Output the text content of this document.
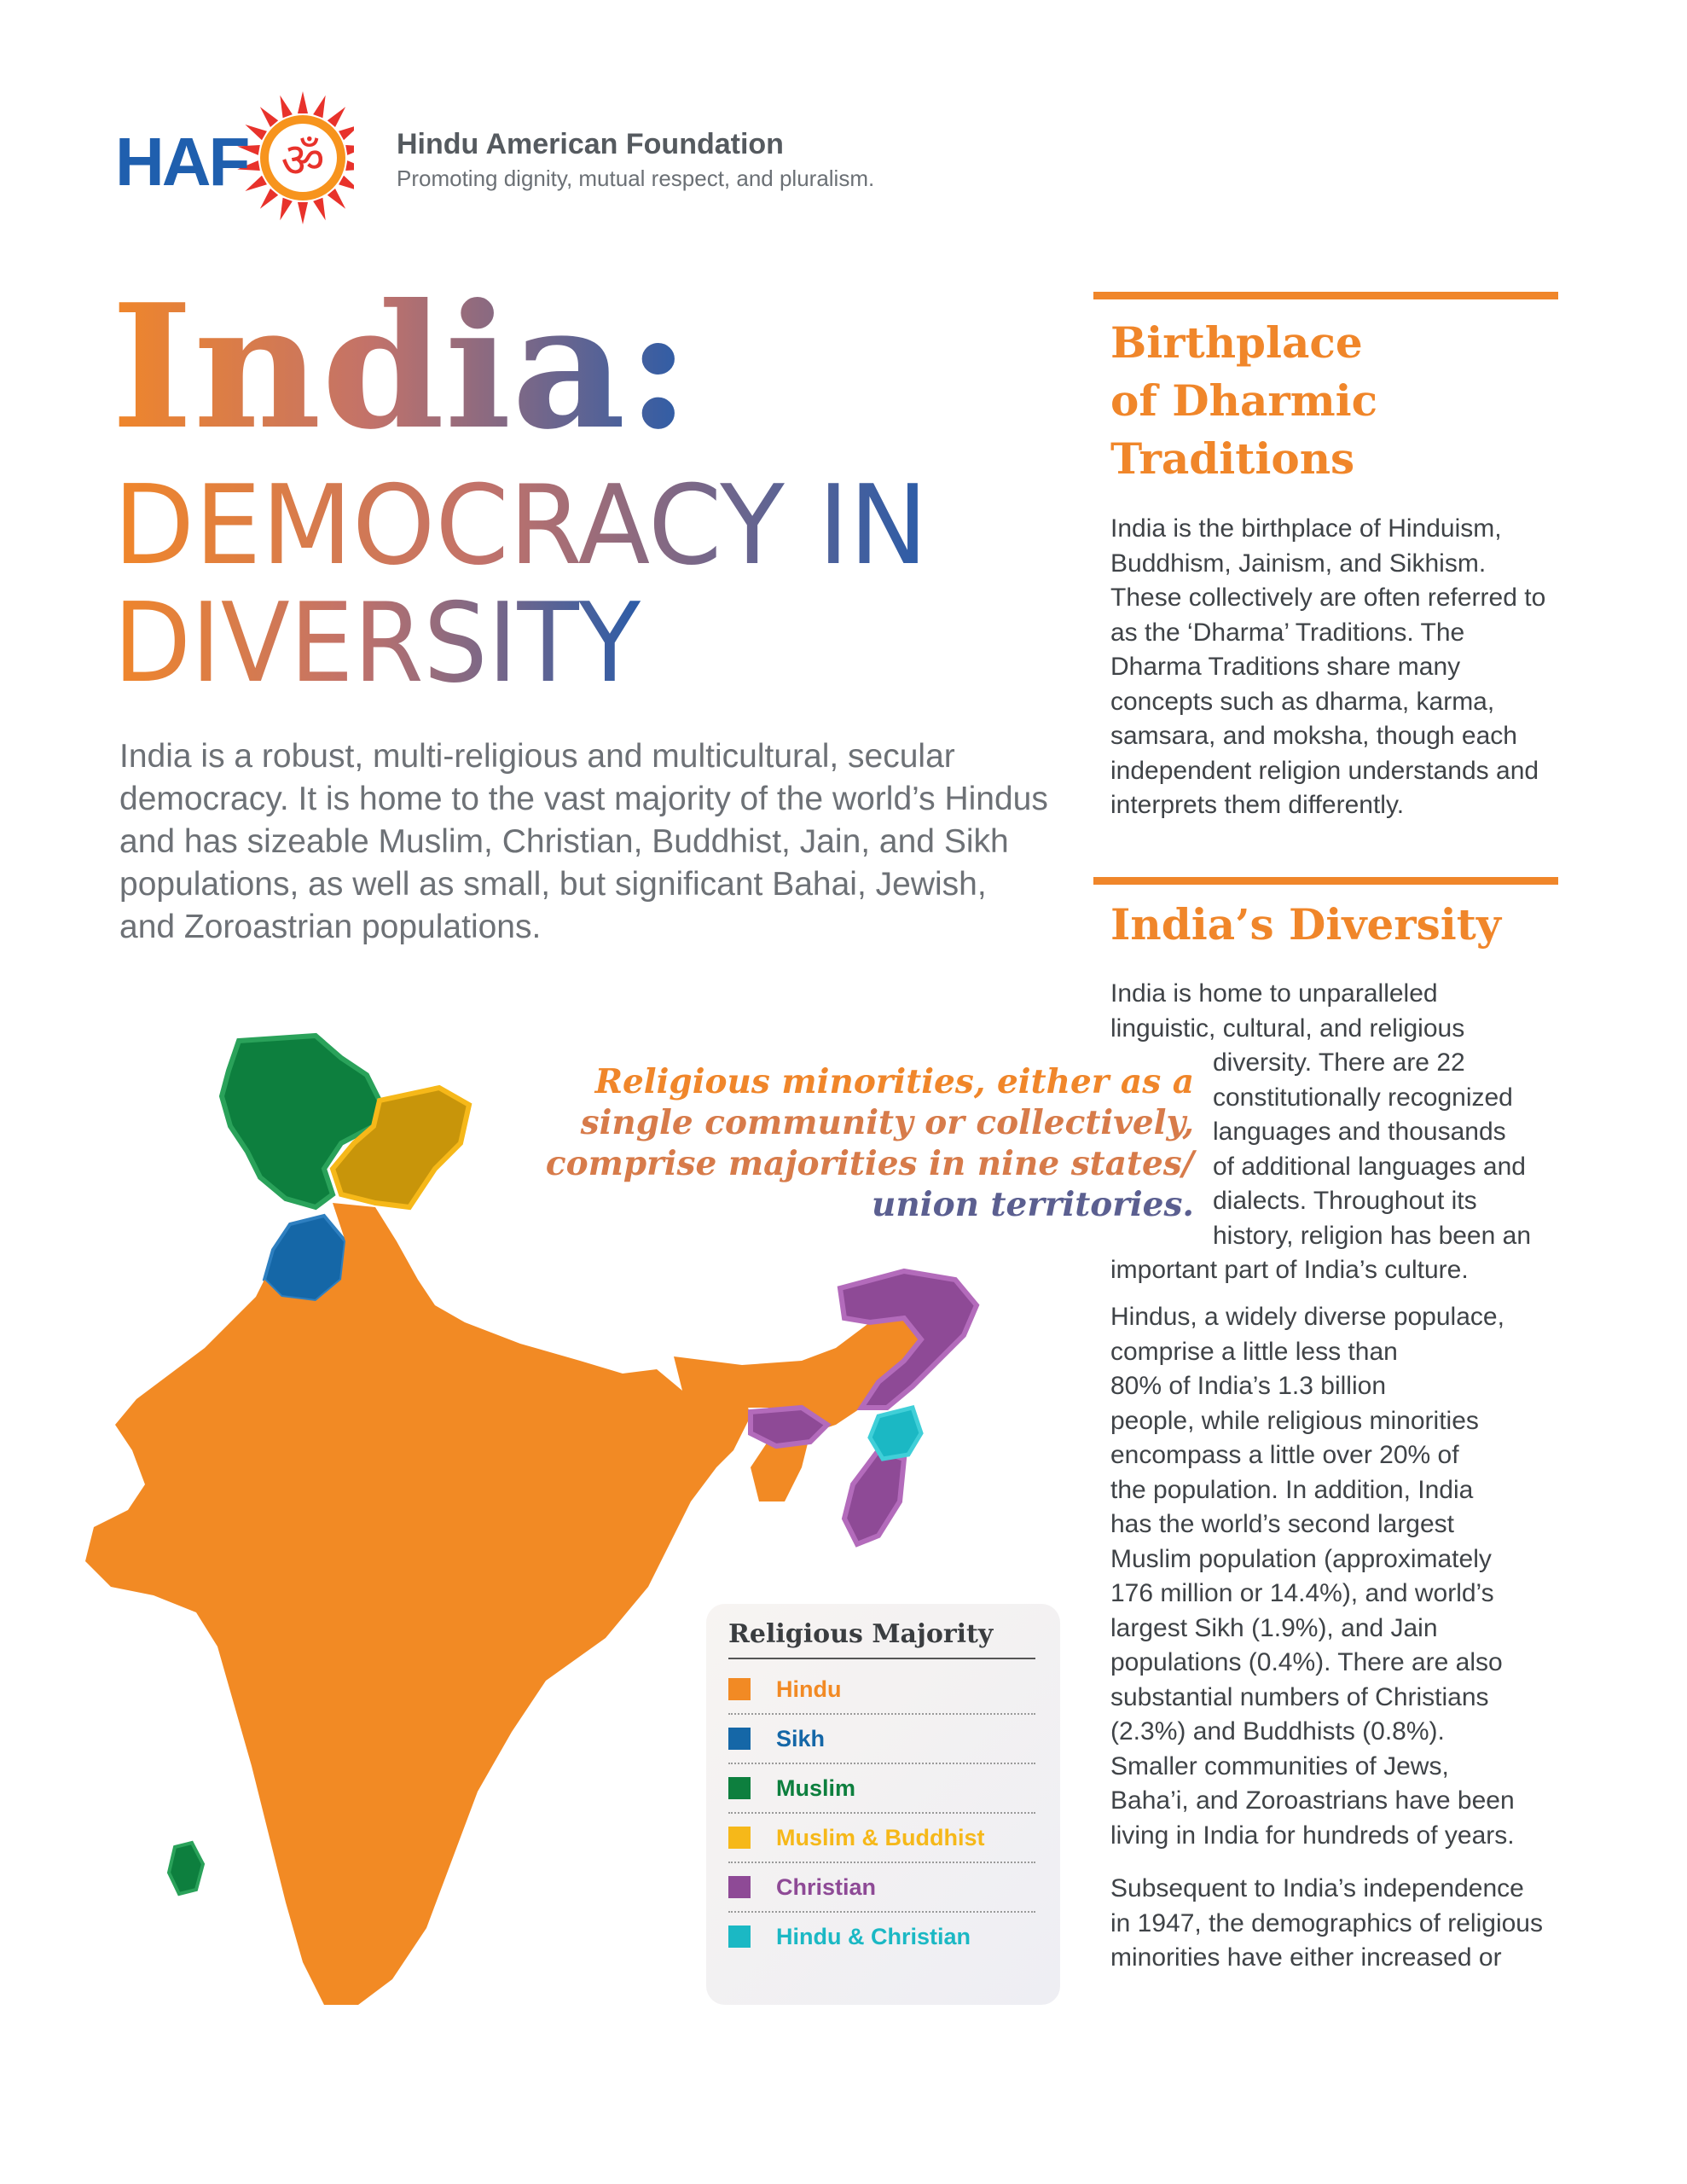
HAF ॐ Hindu American Foundation
Promoting dignity, mutual respect, and pluralism.
India:
DEMOCRACY IN
DIVERSITY
India is a robust, multi-religious and multicultural, secular democracy. It is home to the vast majority of the world’s Hindus and has sizeable Muslim, Christian, Buddhist, Jain, and Sikh populations, as well as small, but significant Bahai, Jewish, and Zoroastrian populations.
Birthplace
of Dharmic
Traditions
India is the birthplace of Hinduism, Buddhism, Jainism, and Sikhism. These collectively are often referred to as the ‘Dharma’ Traditions. The Dharma Traditions share many concepts such as dharma, karma, samsara, and moksha, though each independent religion understands and interprets them differently.
India’s Diversity
India is home to unparalleled
linguistic, cultural, and religious
diversity. There are 22
constitutionally recognized
languages and thousands
of additional languages and
dialects. Throughout its
history, religion has been an
important part of India’s culture.
Hindus, a widely diverse populace,
comprise a little less than
80% of India’s 1.3 billion
people, while religious minorities
encompass a little over 20% of
the population. In addition, India
has the world’s second largest
Muslim population (approximately
176 million or 14.4%), and world’s
largest Sikh (1.9%), and Jain
populations (0.4%). There are also
substantial numbers of Christians
(2.3%) and Buddhists (0.8%).
Smaller communities of Jews,
Baha’i, and Zoroastrians have been
living in India for hundreds of years.
Subsequent to India’s independence
in 1947, the demographics of religious
minorities have either increased or
Religious minorities, either as a
single community or collectively,
comprise majorities in nine states/
union territories.
Religious Majority
Hindu
Sikh
Muslim
Muslim & Buddhist
Christian
Hindu & Christian
